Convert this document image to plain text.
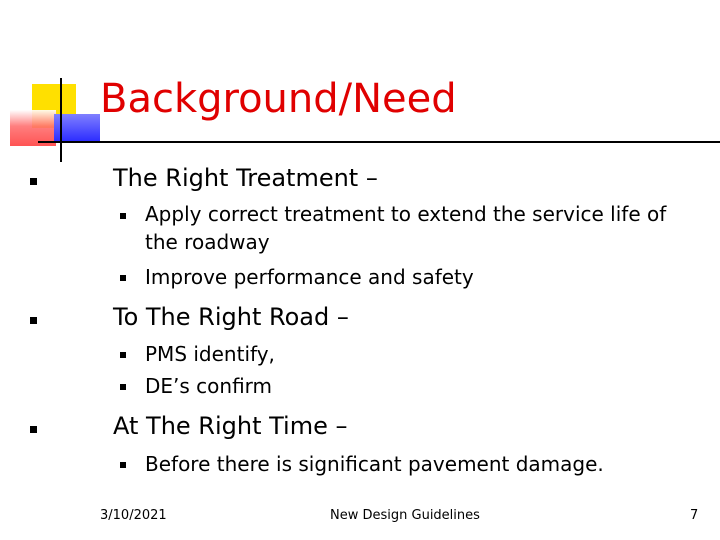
Background/Need
The Right Treatment –
Apply correct treatment to extend the service life of the roadway
Improve performance and safety
To The Right Road –
PMS identify,
DE’s confirm
At The Right Time –
Before there is significant pavement damage.
3/10/2021	New Design Guidelines	7
